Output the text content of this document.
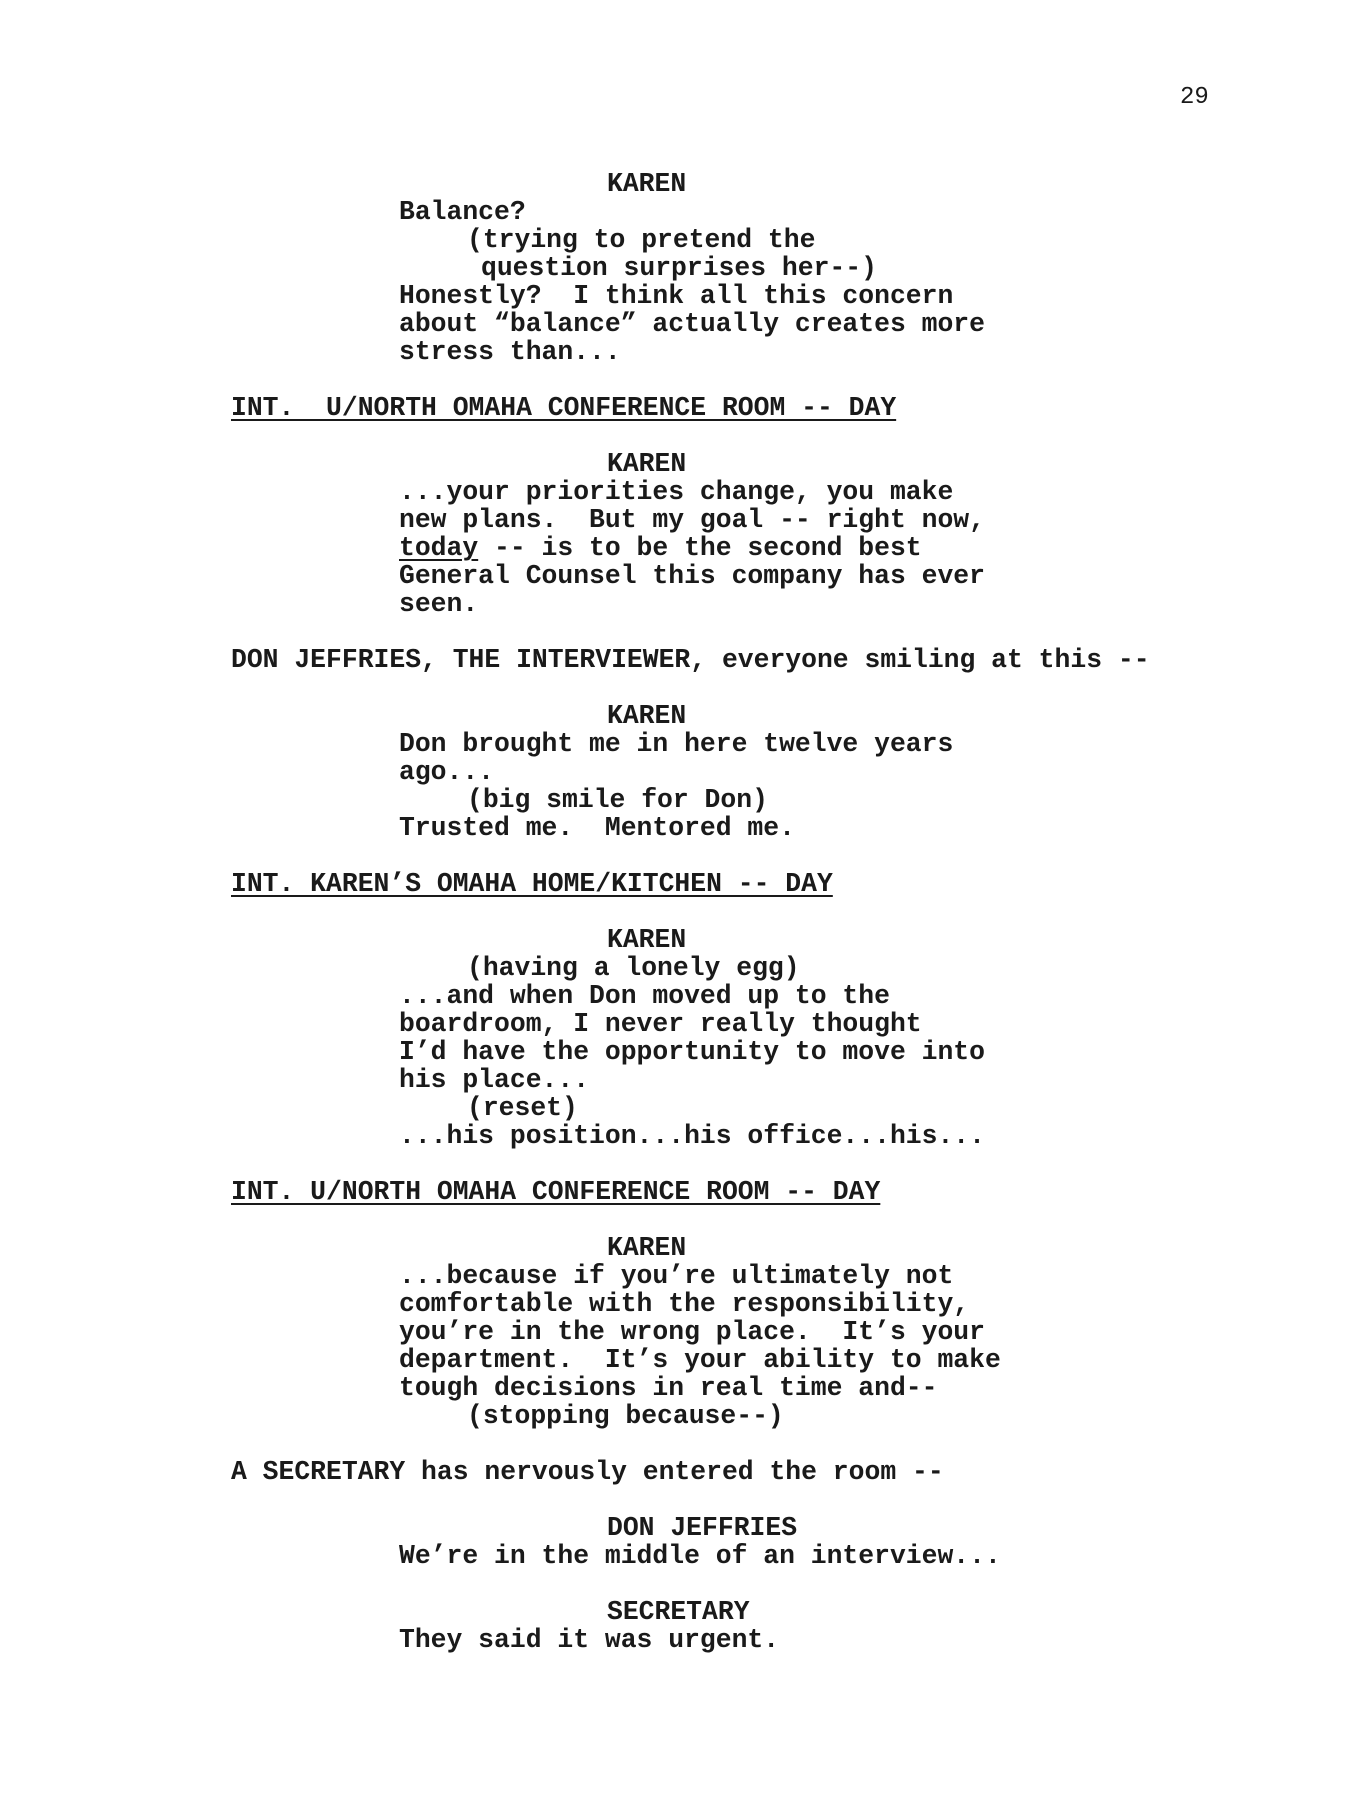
29
KAREN
Balance?
(trying to pretend the
question surprises her--)
Honestly?  I think all this concern
about “balance” actually creates more
stress than...
INT.  U/NORTH OMAHA CONFERENCE ROOM -- DAY
KAREN
...your priorities change, you make
new plans.  But my goal -- right now,
today -- is to be the second best
General Counsel this company has ever
seen.
DON JEFFRIES, THE INTERVIEWER, everyone smiling at this --
KAREN
Don brought me in here twelve years
ago...
(big smile for Don)
Trusted me.  Mentored me.
INT. KAREN’S OMAHA HOME/KITCHEN -- DAY
KAREN
(having a lonely egg)
...and when Don moved up to the
boardroom, I never really thought
I’d have the opportunity to move into
his place...
(reset)
...his position...his office...his...
INT. U/NORTH OMAHA CONFERENCE ROOM -- DAY
KAREN
...because if you’re ultimately not
comfortable with the responsibility,
you’re in the wrong place.  It’s your
department.  It’s your ability to make
tough decisions in real time and--
(stopping because--)
A SECRETARY has nervously entered the room --
DON JEFFRIES
We’re in the middle of an interview...
SECRETARY
They said it was urgent.
